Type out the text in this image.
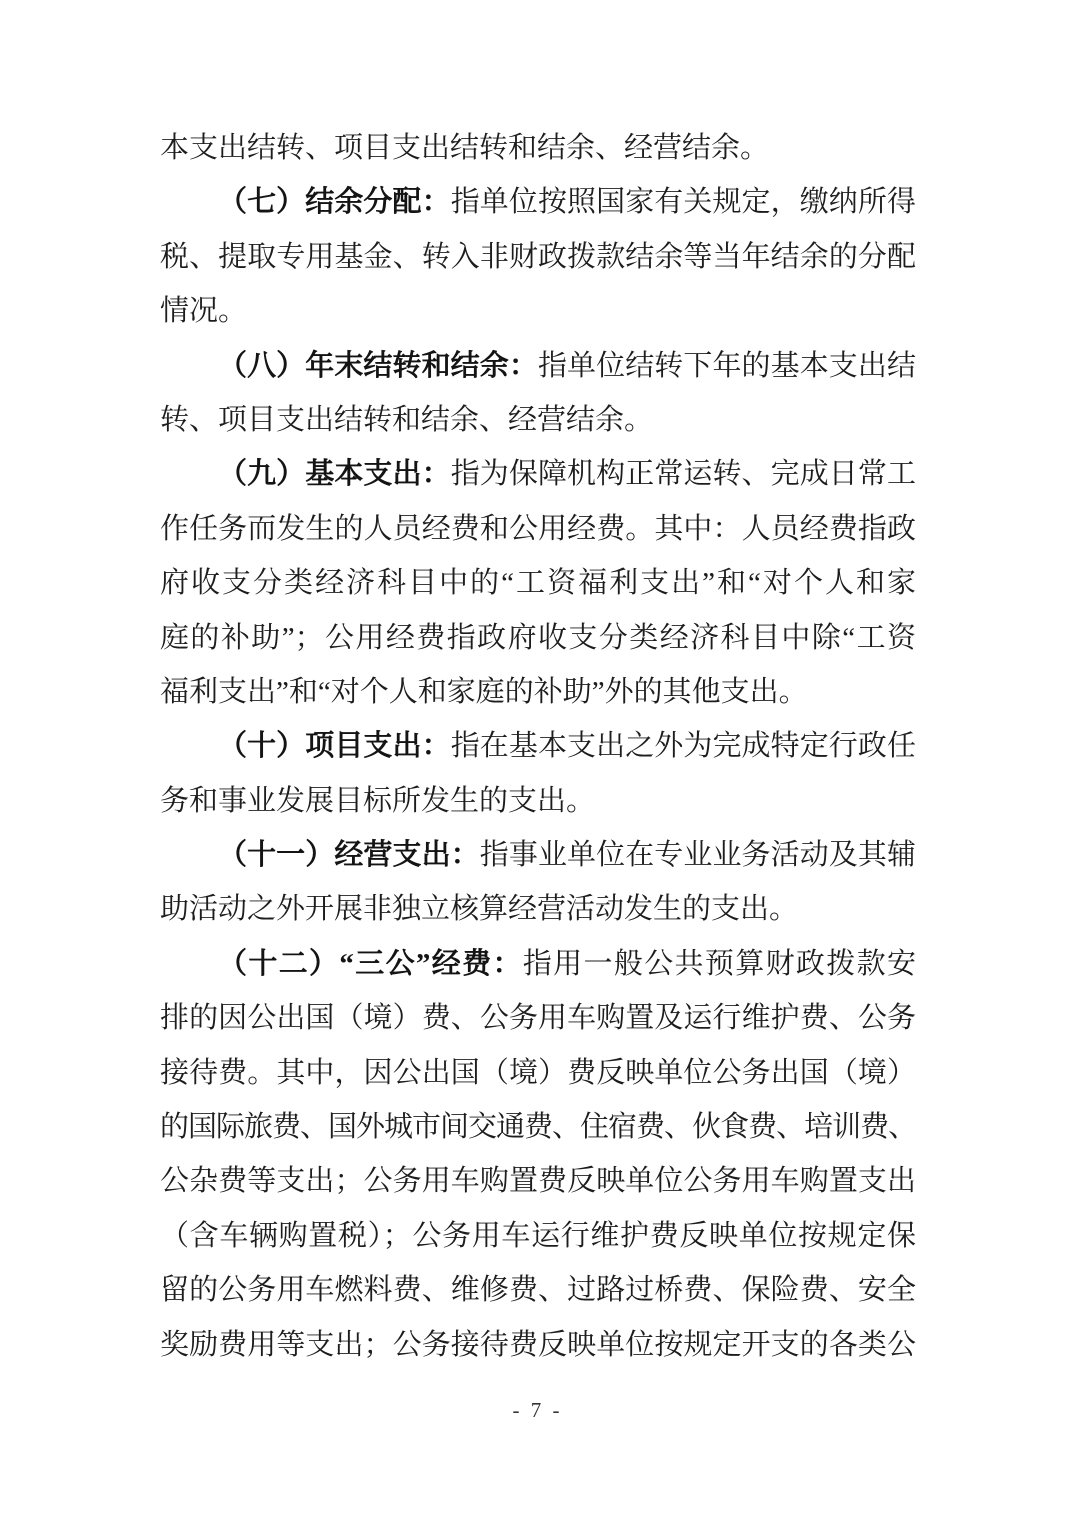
本支出结转、项目支出结转和结余、经营结余。
（七）结余分配：指单位按照国家有关规定，缴纳所得
税、提取专用基金、转入非财政拨款结余等当年结余的分配
情况。
（八）年末结转和结余：指单位结转下年的基本支出结
转、项目支出结转和结余、经营结余。
（九）基本支出：指为保障机构正常运转、完成日常工
作任务而发生的人员经费和公用经费。其中：人员经费指政
府收支分类经济科目中的“工资福利支出”和“对个人和家
庭的补助”；公用经费指政府收支分类经济科目中除“工资
福利支出”和“对个人和家庭的补助”外的其他支出。
（十）项目支出：指在基本支出之外为完成特定行政任
务和事业发展目标所发生的支出。
（十一）经营支出：指事业单位在专业业务活动及其辅
助活动之外开展非独立核算经营活动发生的支出。
（十二）“三公”经费：指用一般公共预算财政拨款安
排的因公出国（境）费、公务用车购置及运行维护费、公务
接待费。其中，因公出国（境）费反映单位公务出国（境）
的国际旅费、国外城市间交通费、住宿费、伙食费、培训费、
公杂费等支出；公务用车购置费反映单位公务用车购置支出
（含车辆购置税）；公务用车运行维护费反映单位按规定保
留的公务用车燃料费、维修费、过路过桥费、保险费、安全
奖励费用等支出；公务接待费反映单位按规定开支的各类公
- 7 -
